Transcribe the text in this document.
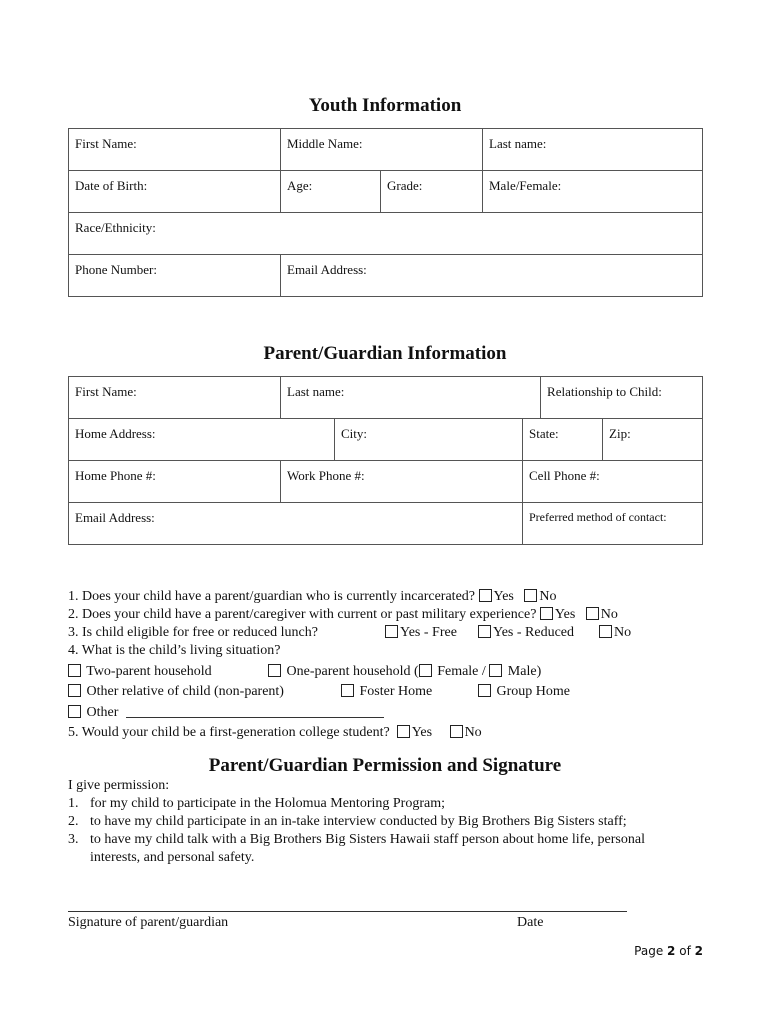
Youth Information
First Name:	Middle Name:		Last name:
Date of Birth:	Age:	Grade:	Male/Female:
Race/Ethnicity:			
Phone Number:	Email Address:		
Parent/Guardian Information
First Name:	Last name:			Relationship to Child:	
Home Address:		City:	State:		Zip:
Home Phone #:	Work Phone #:		Cell Phone #:		
Email Address:			Preferred method of contact:		
1. Does your child have a parent/guardian who is currently incarcerated? Yes No
2. Does your child have a parent/caregiver with current or past military experience? Yes No
3. Is child eligible for free or reduced lunch?	Yes - Free	Yes - Reduced	No
4. What is the child’s living situation?
Two-parent household	One-parent household ( Female / Male)
Other relative of child (non-parent)	Foster Home	Group Home
Other
5. Would your child be a first-generation college student? Yes No
Parent/Guardian Permission and Signature
I give permission:
1. for my child to participate in the Holomua Mentoring Program;
2. to have my child participate in an in-take interview conducted by Big Brothers Big Sisters staff;
3. to have my child talk with a Big Brothers Big Sisters Hawaii staff person about home life, personal
interests, and personal safety.
Signature of parent/guardian	Date
Page 2 of 2
